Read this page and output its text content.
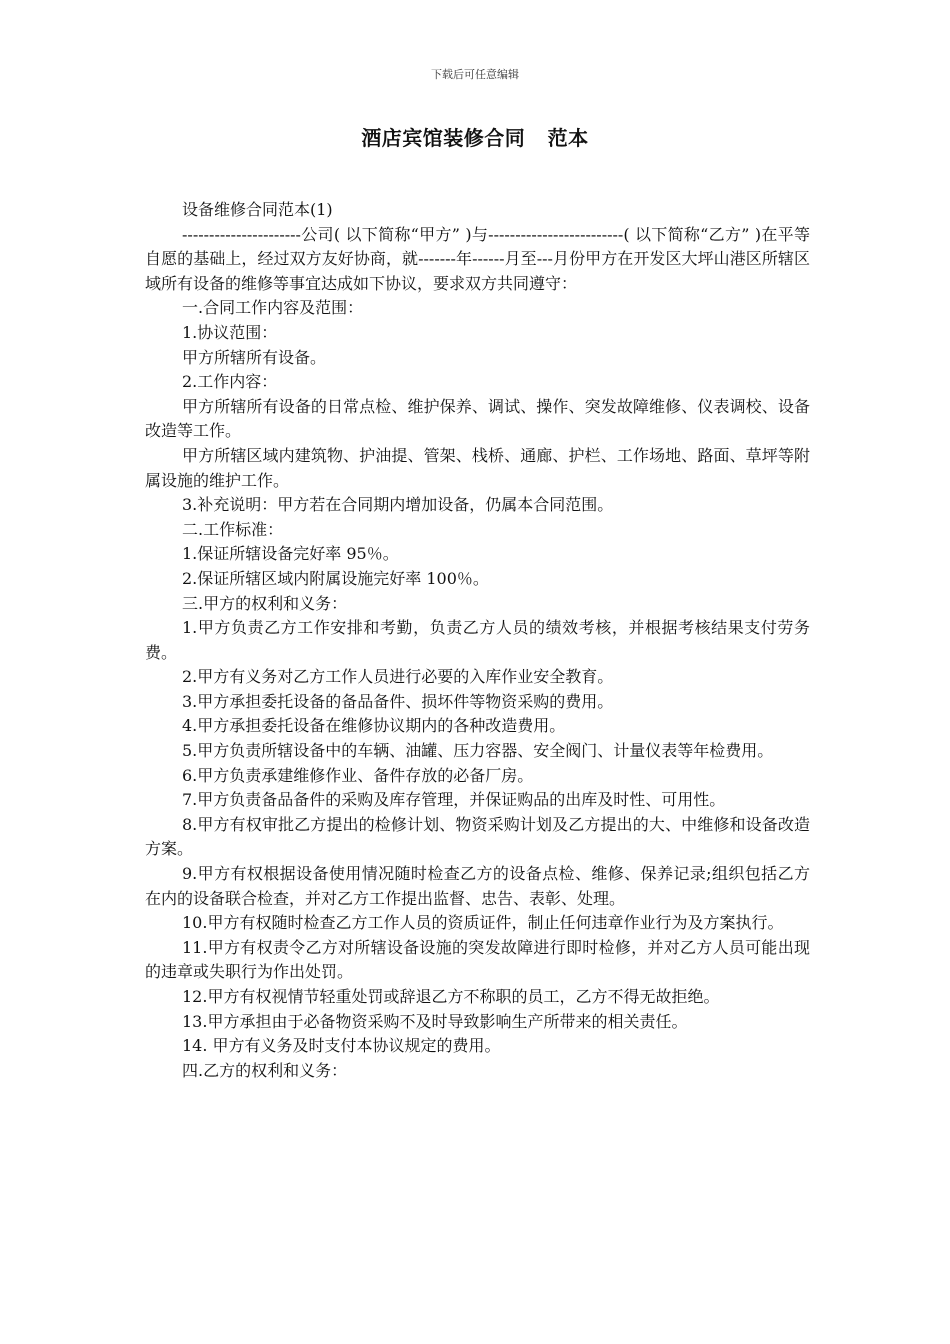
下载后可任意编辑
酒店宾馆装修合同   范本

设备维修合同范本(1)

----------------------公司( 以下简称“甲方” )与-------------------------( 以下简称“乙方” )在平等自愿的基础上，经过双方友好协商，就-------年------月至---月份甲方在开发区大坪山港区所辖区域所有设备的维修等事宜达成如下协议，要求双方共同遵守：

一.合同工作内容及范围：

1.协议范围：

甲方所辖所有设备。

2.工作内容：

甲方所辖所有设备的日常点检、维护保养、调试、操作、突发故障维修、仪表调校、设备改造等工作。

甲方所辖区域内建筑物、护油提、管架、栈桥、通廊、护栏、工作场地、路面、草坪等附属设施的维护工作。

3.补充说明：甲方若在合同期内增加设备，仍属本合同范围。

二.工作标准：

1.保证所辖设备完好率 95％。

2.保证所辖区域内附属设施完好率 100％。

三.甲方的权利和义务：

1.甲方负责乙方工作安排和考勤，负责乙方人员的绩效考核，并根据考核结果支付劳务费。

2.甲方有义务对乙方工作人员进行必要的入库作业安全教育。

3.甲方承担委托设备的备品备件、损坏件等物资采购的费用。

4.甲方承担委托设备在维修协议期内的各种改造费用。

5.甲方负责所辖设备中的车辆、油罐、压力容器、安全阀门、计量仪表等年检费用。

6.甲方负责承建维修作业、备件存放的必备厂房。

7.甲方负责备品备件的采购及库存管理，并保证购品的出库及时性、可用性。

8.甲方有权审批乙方提出的检修计划、物资采购计划及乙方提出的大、中维修和设备改造方案。

9.甲方有权根据设备使用情况随时检查乙方的设备点检、维修、保养记录;组织包括乙方在内的设备联合检查，并对乙方工作提出监督、忠告、表彰、处理。

10.甲方有权随时检查乙方工作人员的资质证件，制止任何违章作业行为及方案执行。

11.甲方有权责令乙方对所辖设备设施的突发故障进行即时检修，并对乙方人员可能出现的违章或失职行为作出处罚。

12.甲方有权视情节轻重处罚或辞退乙方不称职的员工，乙方不得无故拒绝。

13.甲方承担由于必备物资采购不及时导致影响生产所带来的相关责任。

14. 甲方有义务及时支付本协议规定的费用。

四.乙方的权利和义务：
